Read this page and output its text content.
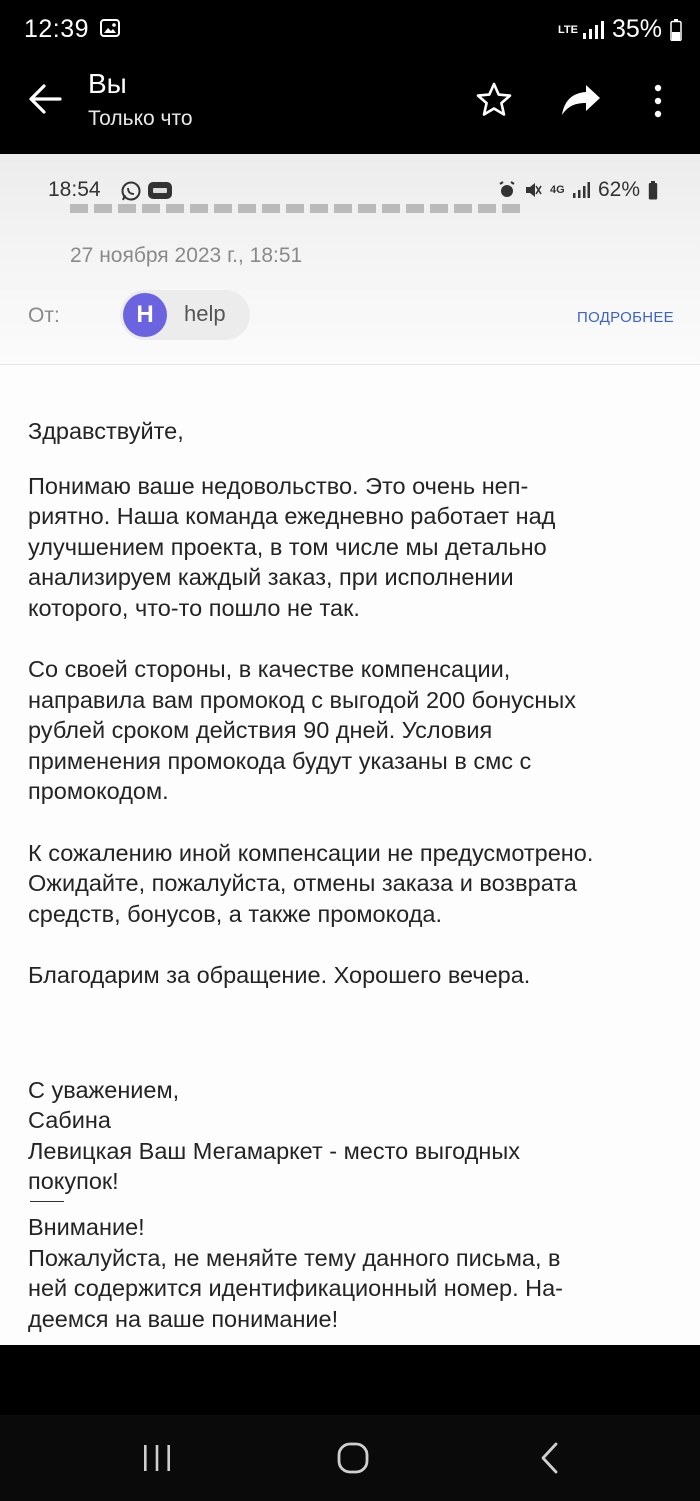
12:39	LTE 35%
Вы
Только что
18:54	4G 62%
27 ноября 2023 г., 18:51
От:	H	help	ПОДРОБНЕЕ

Здравствуйте,

Понимаю ваше недовольство. Это очень неп-
риятно. Наша команда ежедневно работает над
улучшением проекта, в том числе мы детально
анализируем каждый заказ, при исполнении
которого, что-то пошло не так.

Со своей стороны, в качестве компенсации,
направила вам промокод с выгодой 200 бонусных
рублей сроком действия 90 дней. Условия
применения промокода будут указаны в смс с
промокодом.

К сожалению иной компенсации не предусмотрено.
Ожидайте, пожалуйста, отмены заказа и возврата
средств, бонусов, а также промокода.

Благодарим за обращение. Хорошего вечера.

С уважением,
Сабина
Левицкая Ваш Мегамаркет - место выгодных
покупок!

Внимание!
Пожалуйста, не меняйте тему данного письма, в
ней содержится идентификационный номер. На-
деемся на ваше понимание!
